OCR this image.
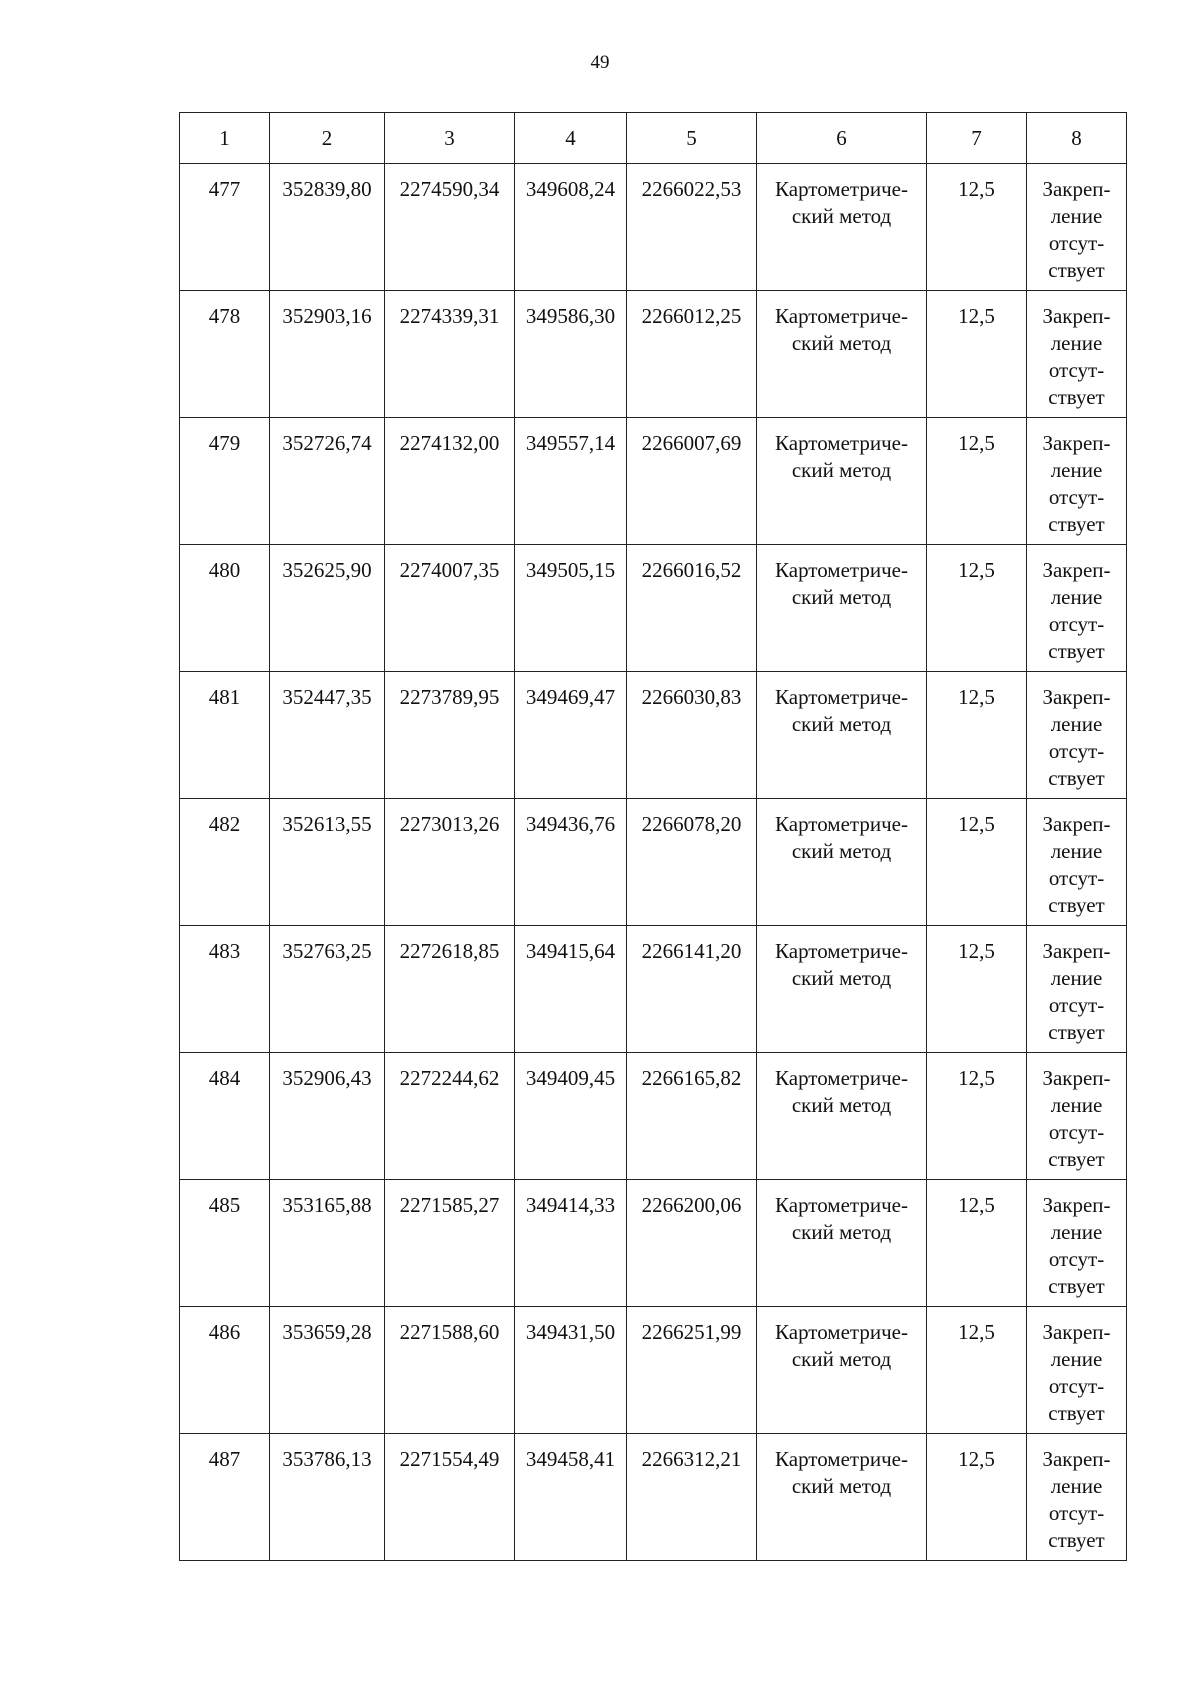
49
1	2	3	4	5	6	7	8
477	352839,80	2274590,34	349608,24	2266022,53	Картометриче-ский метод	12,5	Закреп-ление отсут-ствует
478	352903,16	2274339,31	349586,30	2266012,25	Картометриче-ский метод	12,5	Закреп-ление отсут-ствует
479	352726,74	2274132,00	349557,14	2266007,69	Картометриче-ский метод	12,5	Закреп-ление отсут-ствует
480	352625,90	2274007,35	349505,15	2266016,52	Картометриче-ский метод	12,5	Закреп-ление отсут-ствует
481	352447,35	2273789,95	349469,47	2266030,83	Картометриче-ский метод	12,5	Закреп-ление отсут-ствует
482	352613,55	2273013,26	349436,76	2266078,20	Картометриче-ский метод	12,5	Закреп-ление отсут-ствует
483	352763,25	2272618,85	349415,64	2266141,20	Картометриче-ский метод	12,5	Закреп-ление отсут-ствует
484	352906,43	2272244,62	349409,45	2266165,82	Картометриче-ский метод	12,5	Закреп-ление отсут-ствует
485	353165,88	2271585,27	349414,33	2266200,06	Картометриче-ский метод	12,5	Закреп-ление отсут-ствует
486	353659,28	2271588,60	349431,50	2266251,99	Картометриче-ский метод	12,5	Закреп-ление отсут-ствует
487	353786,13	2271554,49	349458,41	2266312,21	Картометриче-ский метод	12,5	Закреп-ление отсут-ствует
